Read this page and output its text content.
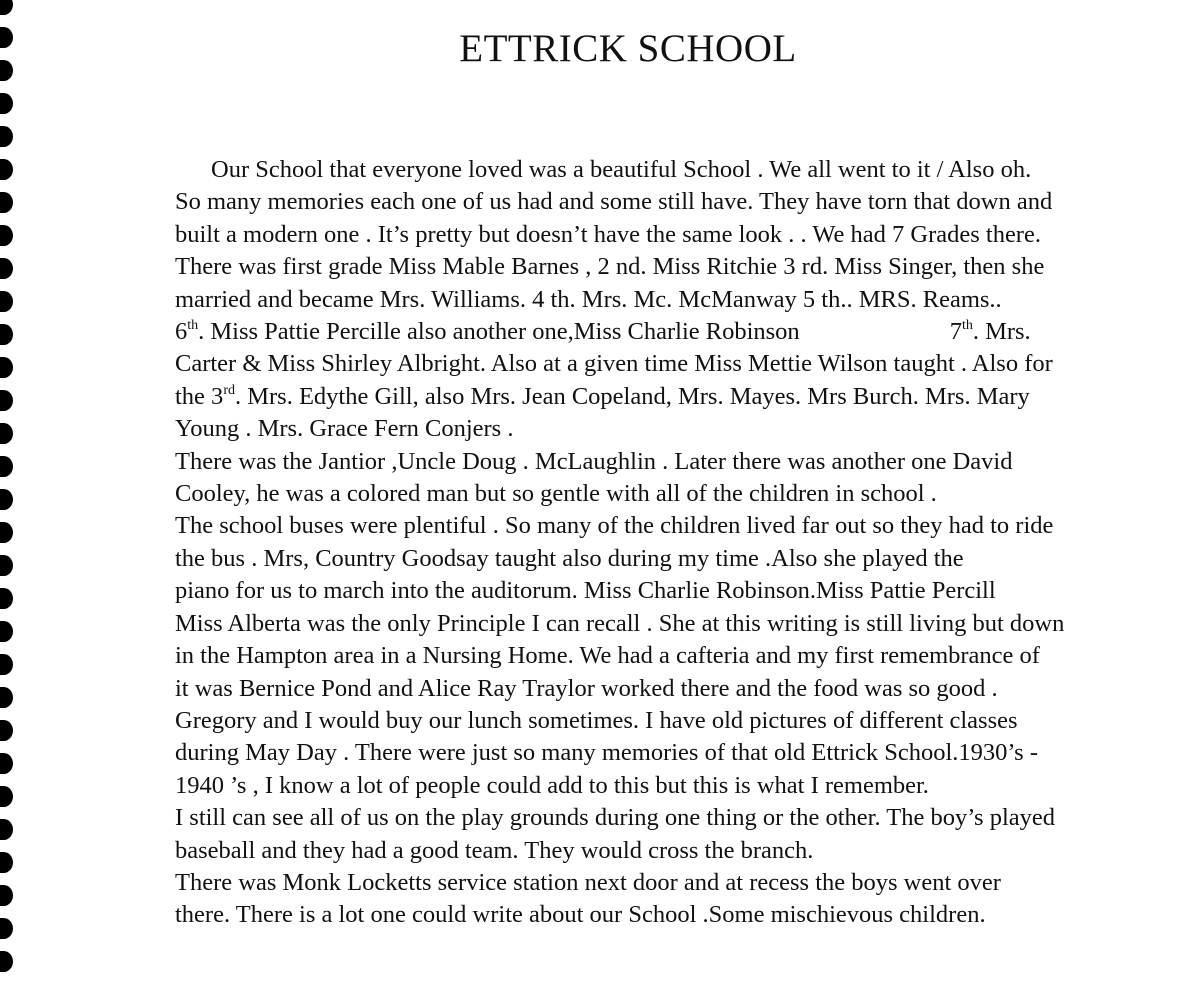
ETTRICK SCHOOL
Our School that everyone loved was a beautiful School . We all went to it / Also oh.
So many memories each one of us had and some still have. They have torn that down and
built a modern one . It’s pretty but doesn’t have the same look . . We had 7 Grades there.
There was first grade Miss Mable Barnes , 2 nd. Miss Ritchie 3 rd. Miss Singer, then she
married and became Mrs. Williams. 4 th. Mrs. Mc. McManway 5 th.. MRS. Reams..
6th. Miss Pattie Percille also another one,Miss Charlie Robinson	7th. Mrs.
Carter & Miss Shirley Albright. Also at a given time Miss Mettie Wilson taught . Also for
the 3rd. Mrs. Edythe Gill, also Mrs. Jean Copeland, Mrs. Mayes. Mrs Burch. Mrs. Mary
Young . Mrs. Grace Fern Conjers .
There was the Jantior ,Uncle Doug . McLaughlin . Later there was another one David
Cooley, he was a colored man but so gentle with all of the children in school .
The school buses were plentiful . So many of the children lived far out so they had to ride
the bus . Mrs, Country Goodsay taught also during my time .Also she played the
piano for us to march into the auditorum. Miss Charlie Robinson.Miss Pattie Percill
Miss Alberta was the only Principle I can recall . She at this writing is still living but down
in the Hampton area in a Nursing Home. We had a cafteria and my first remembrance of
it was Bernice Pond and Alice Ray Traylor worked there and the food was so good .
Gregory and I would buy our lunch sometimes. I have old pictures of different classes
during May Day . There were just so many memories of that old Ettrick School.1930’s -
1940 ’s , I know a lot of people could add to this but this is what I remember.
I still can see all of us on the play grounds during one thing or the other. The boy’s played
baseball and they had a good team. They would cross the branch.
There was Monk Locketts service station next door and at recess the boys went over
there. There is a lot one could write about our School .Some mischievous children.
